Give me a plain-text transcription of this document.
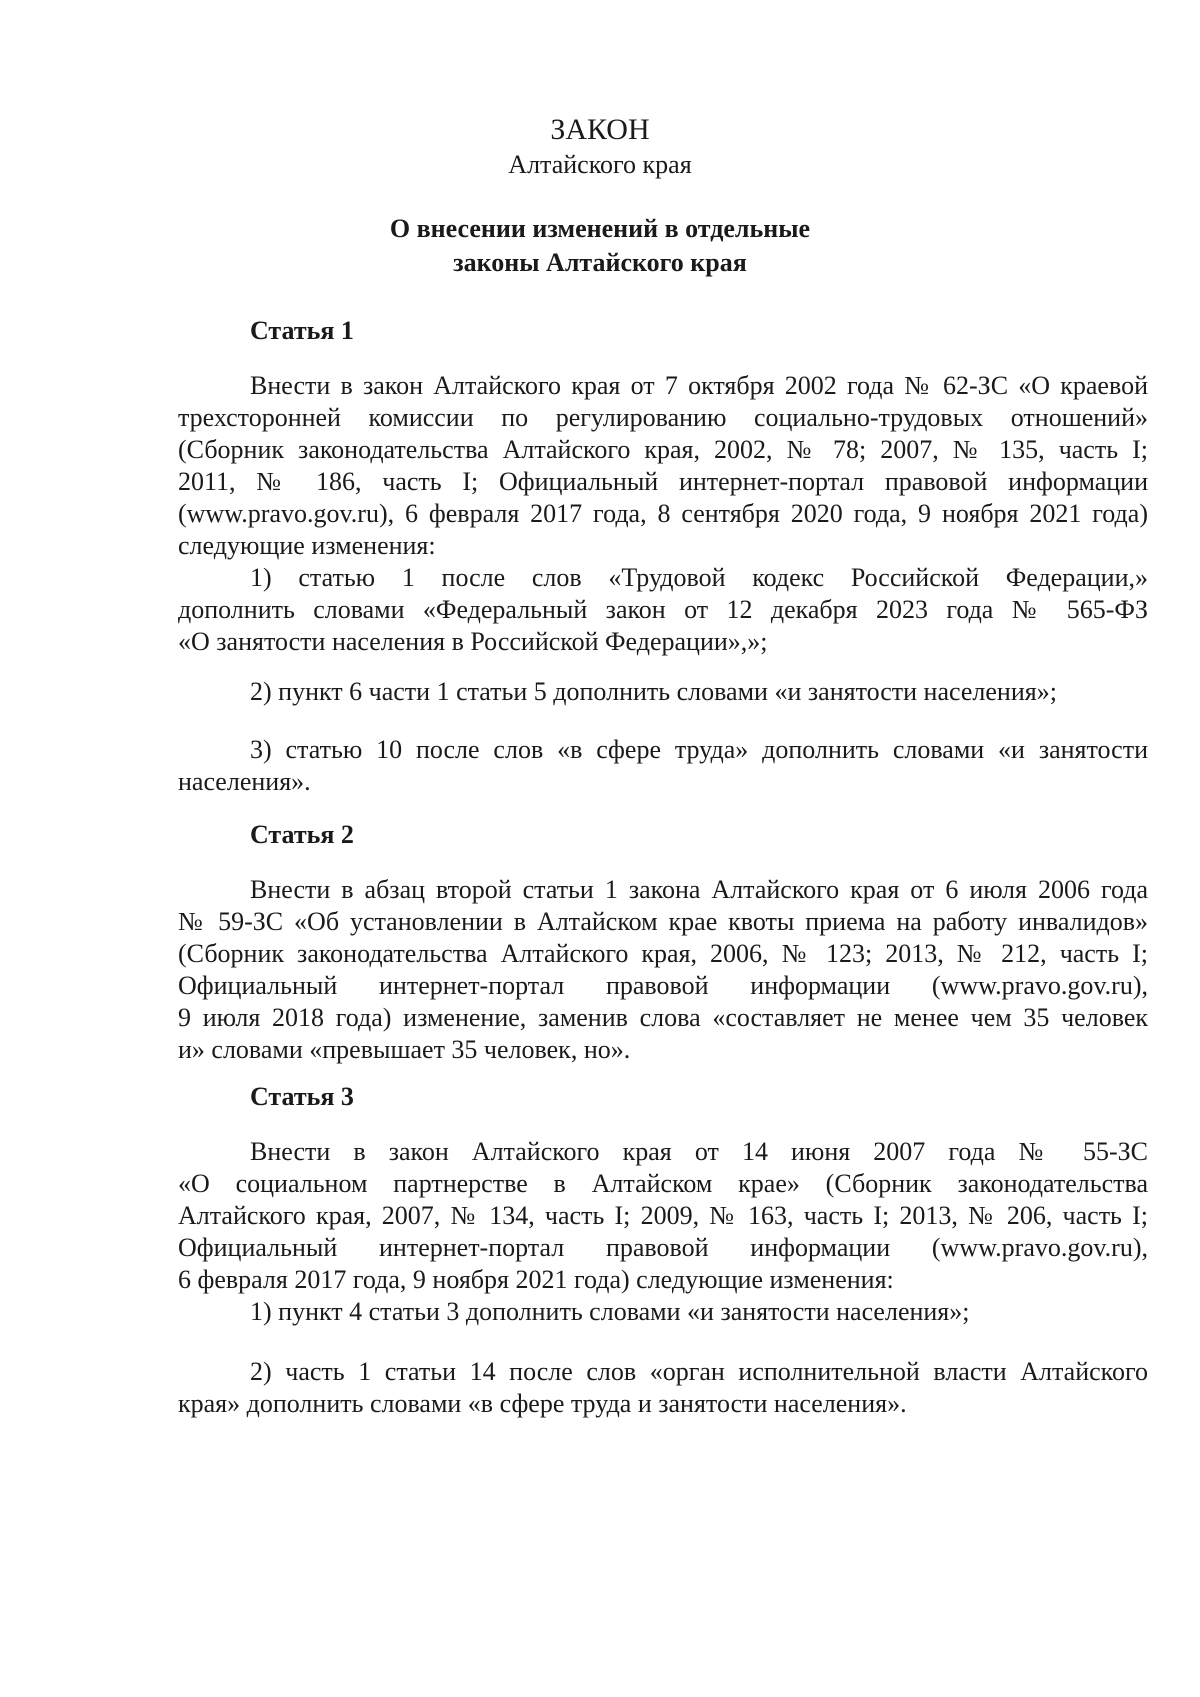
ЗАКОН
Алтайского края
О внесении изменений в отдельные
законы Алтайского края
Статья 1
Внести в закон Алтайского края от 7 октября 2002 года № 62-ЗС «О краевой
трехсторонней комиссии по регулированию социально-трудовых отношений»
(Сборник законодательства Алтайского края, 2002, № 78; 2007, № 135, часть I;
2011, № 186, часть I; Официальный интернет-портал правовой информации
(www.pravo.gov.ru), 6 февраля 2017 года, 8 сентября 2020 года, 9 ноября 2021 года)
следующие изменения:
1) статью 1 после слов «Трудовой кодекс Российской Федерации,»
дополнить словами «Федеральный закон от 12 декабря 2023 года № 565-ФЗ
«О занятости населения в Российской Федерации»,»;
2) пункт 6 части 1 статьи 5 дополнить словами «и занятости населения»;
3) статью 10 после слов «в сфере труда» дополнить словами «и занятости
населения».
Статья 2
Внести в абзац второй статьи 1 закона Алтайского края от 6 июля 2006 года
№ 59-ЗС «Об установлении в Алтайском крае квоты приема на работу инвалидов»
(Сборник законодательства Алтайского края, 2006, № 123; 2013, № 212, часть I;
Официальный интернет-портал правовой информации (www.pravo.gov.ru),
9 июля 2018 года) изменение, заменив слова «составляет не менее чем 35 человек
и» словами «превышает 35 человек, но».
Статья 3
Внести в закон Алтайского края от 14 июня 2007 года № 55-ЗС
«О социальном партнерстве в Алтайском крае» (Сборник законодательства
Алтайского края, 2007, № 134, часть I; 2009, № 163, часть I; 2013, № 206, часть I;
Официальный интернет-портал правовой информации (www.pravo.gov.ru),
6 февраля 2017 года, 9 ноября 2021 года) следующие изменения:
1) пункт 4 статьи 3 дополнить словами «и занятости населения»;
2) часть 1 статьи 14 после слов «орган исполнительной власти Алтайского
края» дополнить словами «в сфере труда и занятости населения».
